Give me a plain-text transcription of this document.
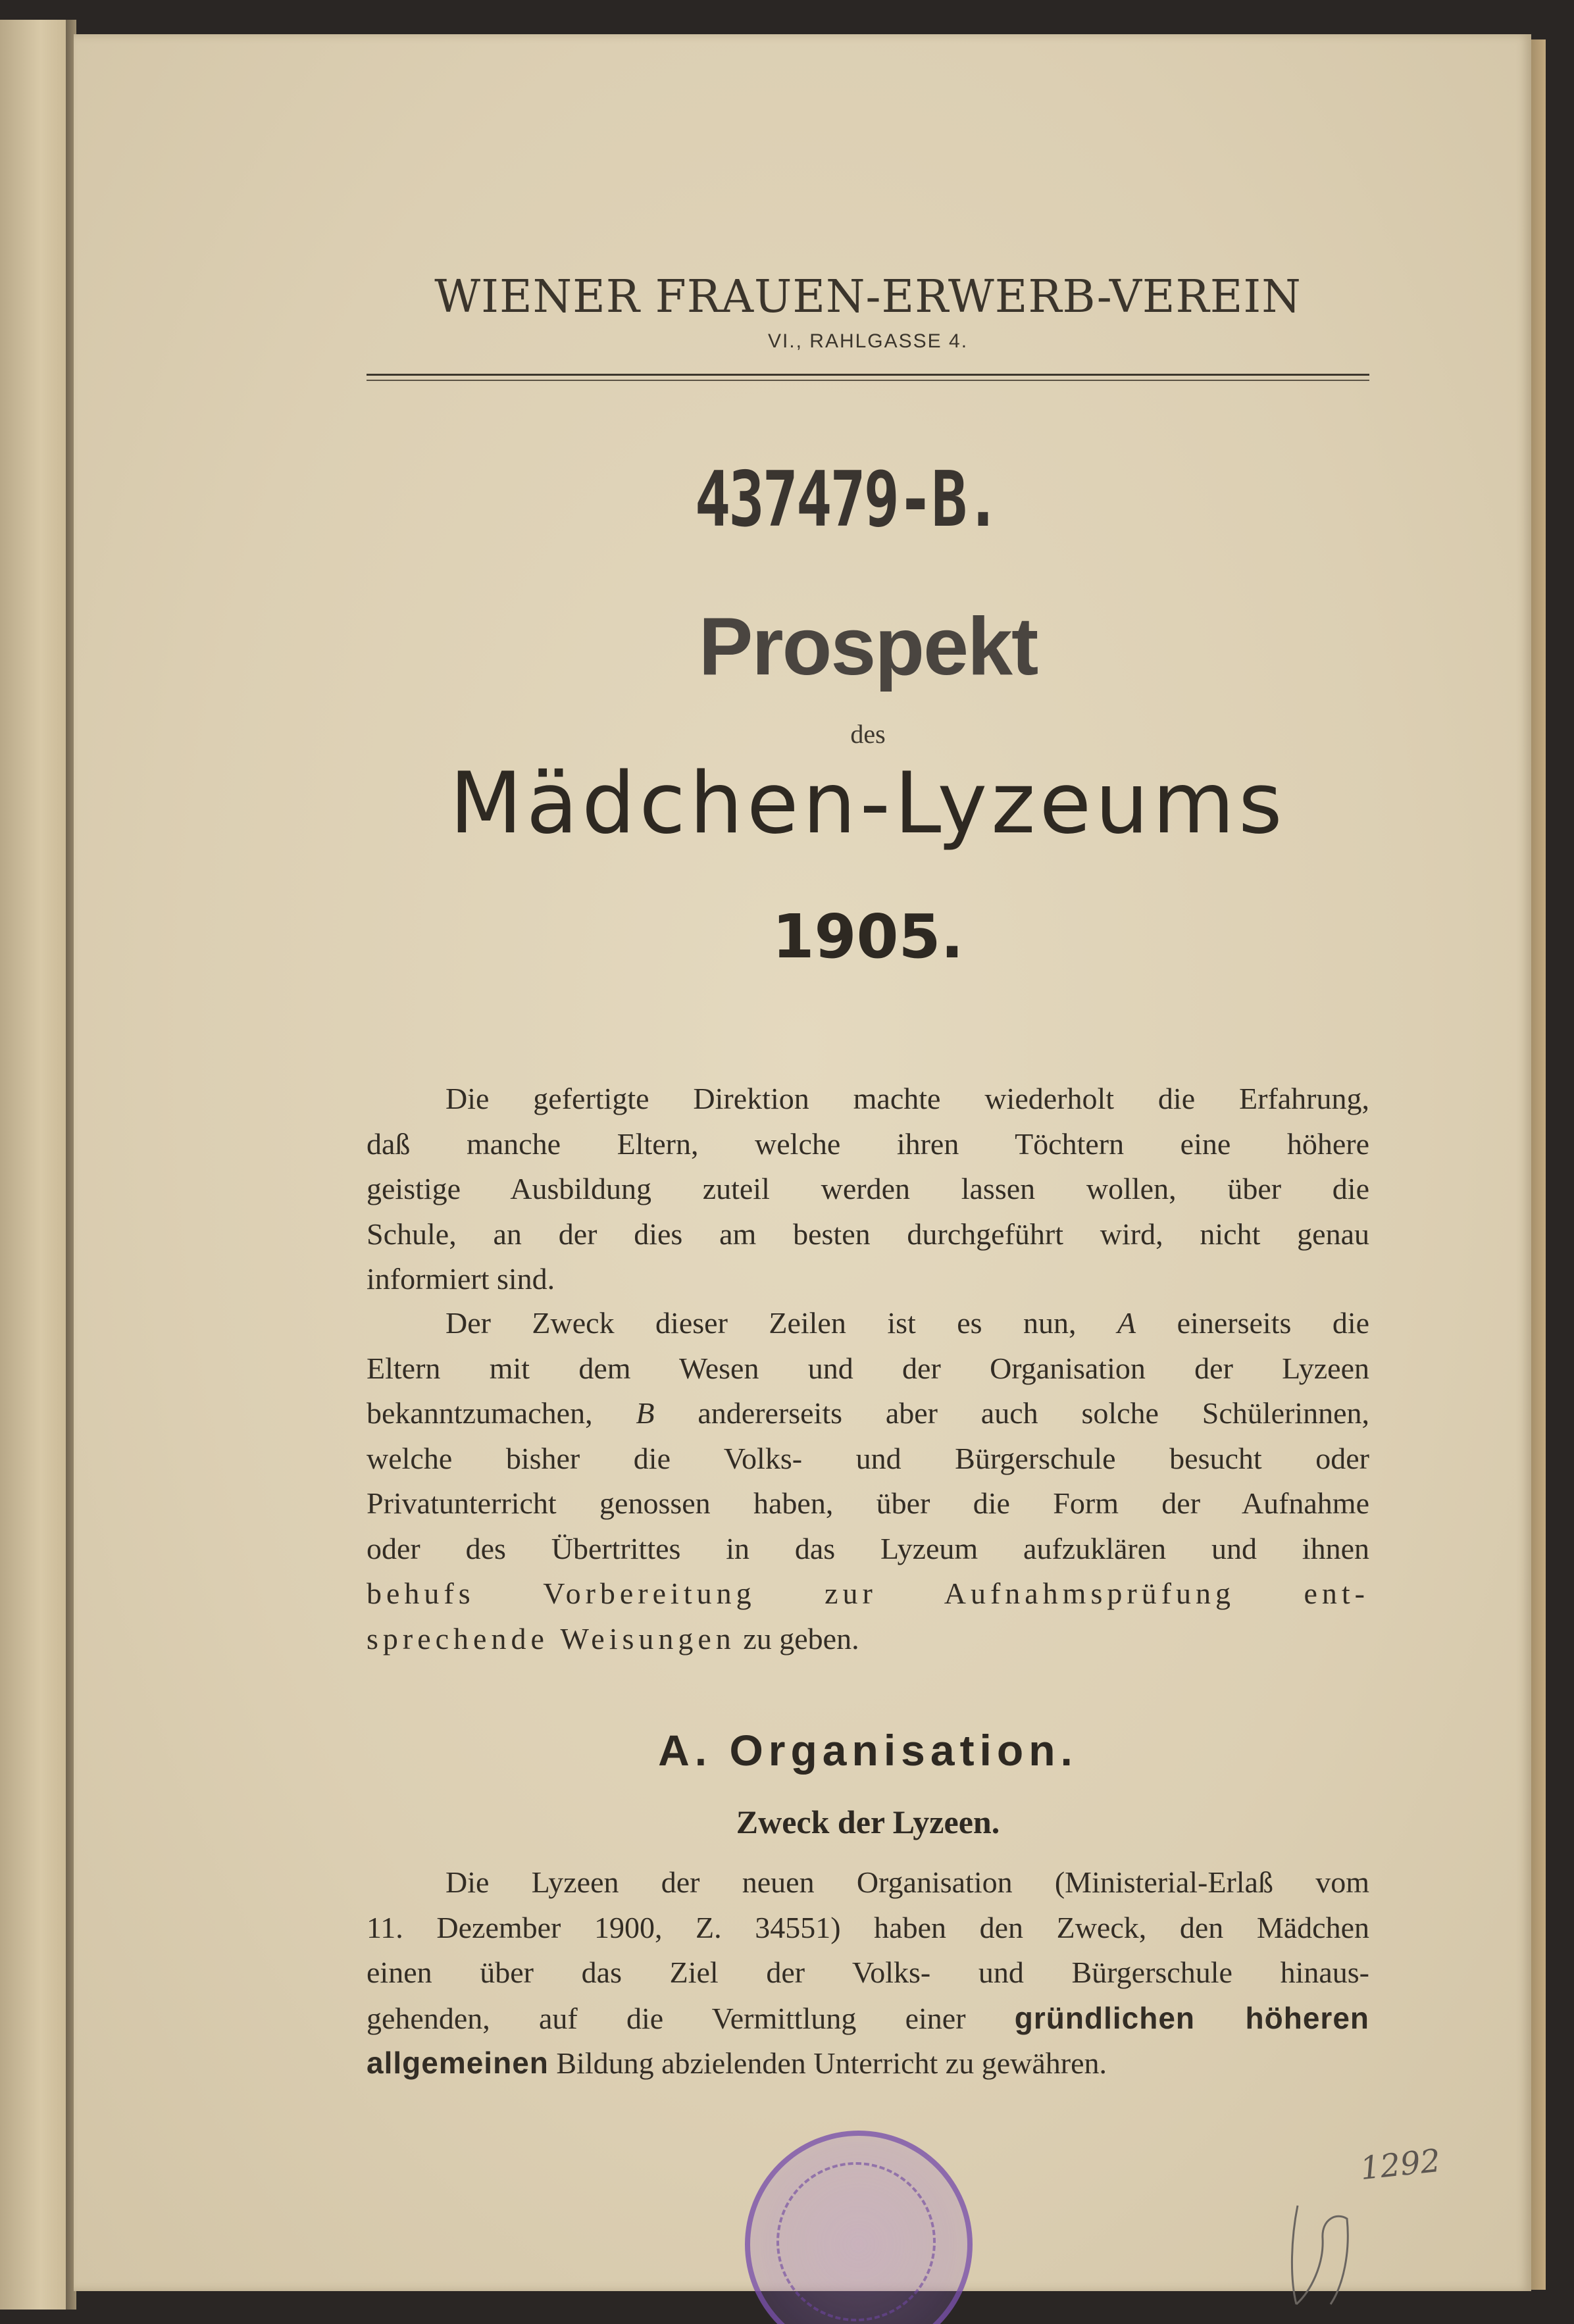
WIENER FRAUEN-ERWERB-VEREIN
VI., RAHLGASSE 4.
437479-B.
Prospekt
des
Mädchen-Lyzeums
1905.
Die gefertigte Direktion machte wiederholt die Erfahrung,
daß manche Eltern, welche ihren Töchtern eine höhere
geistige Ausbildung zuteil werden lassen wollen, über die
Schule, an der dies am besten durchgeführt wird, nicht genau
informiert sind.
Der Zweck dieser Zeilen ist es nun, A einerseits die
Eltern mit dem Wesen und der Organisation der Lyzeen
bekanntzumachen, B andererseits aber auch solche Schülerinnen,
welche bisher die Volks- und Bürgerschule besucht oder
Privatunterricht genossen haben, über die Form der Aufnahme
oder des Übertrittes in das Lyzeum aufzuklären und ihnen
behufs Vorbereitung zur Aufnahmsprüfung ent-
sprechende Weisungen zu geben.
A. Organisation.
Zweck der Lyzeen.
Die Lyzeen der neuen Organisation (Ministerial-Erlaß vom
11. Dezember 1900, Z. 34551) haben den Zweck, den Mädchen
einen über das Ziel der Volks- und Bürgerschule hinaus-
gehenden, auf die Vermittlung einer gründlichen höheren
allgemeinen Bildung abzielenden Unterricht zu gewähren.
1292
